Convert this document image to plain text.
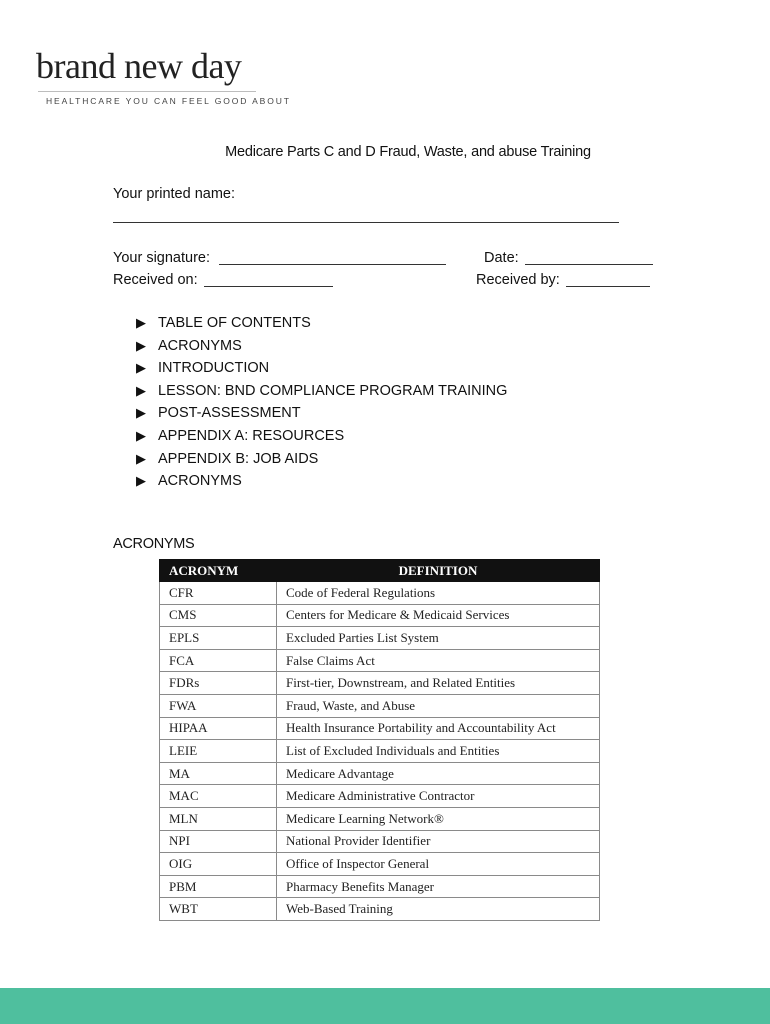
brand new day
HEALTHCARE YOU CAN FEEL GOOD ABOUT
Medicare Parts C and D Fraud, Waste, and abuse Training
Your printed name:
Your signature:	Date:
Received on:	Received by:
▶ TABLE OF CONTENTS
▶ ACRONYMS
▶ INTRODUCTION
▶ LESSON: BND COMPLIANCE PROGRAM TRAINING
▶ POST-ASSESSMENT
▶ APPENDIX A: RESOURCES
▶ APPENDIX B: JOB AIDS
▶ ACRONYMS
ACRONYMS
ACRONYM	DEFINITION
CFR	Code of Federal Regulations
CMS	Centers for Medicare & Medicaid Services
EPLS	Excluded Parties List System
FCA	False Claims Act
FDRs	First-tier, Downstream, and Related Entities
FWA	Fraud, Waste, and Abuse
HIPAA	Health Insurance Portability and Accountability Act
LEIE	List of Excluded Individuals and Entities
MA	Medicare Advantage
MAC	Medicare Administrative Contractor
MLN	Medicare Learning Network®
NPI	National Provider Identifier
OIG	Office of Inspector General
PBM	Pharmacy Benefits Manager
WBT	Web-Based Training
